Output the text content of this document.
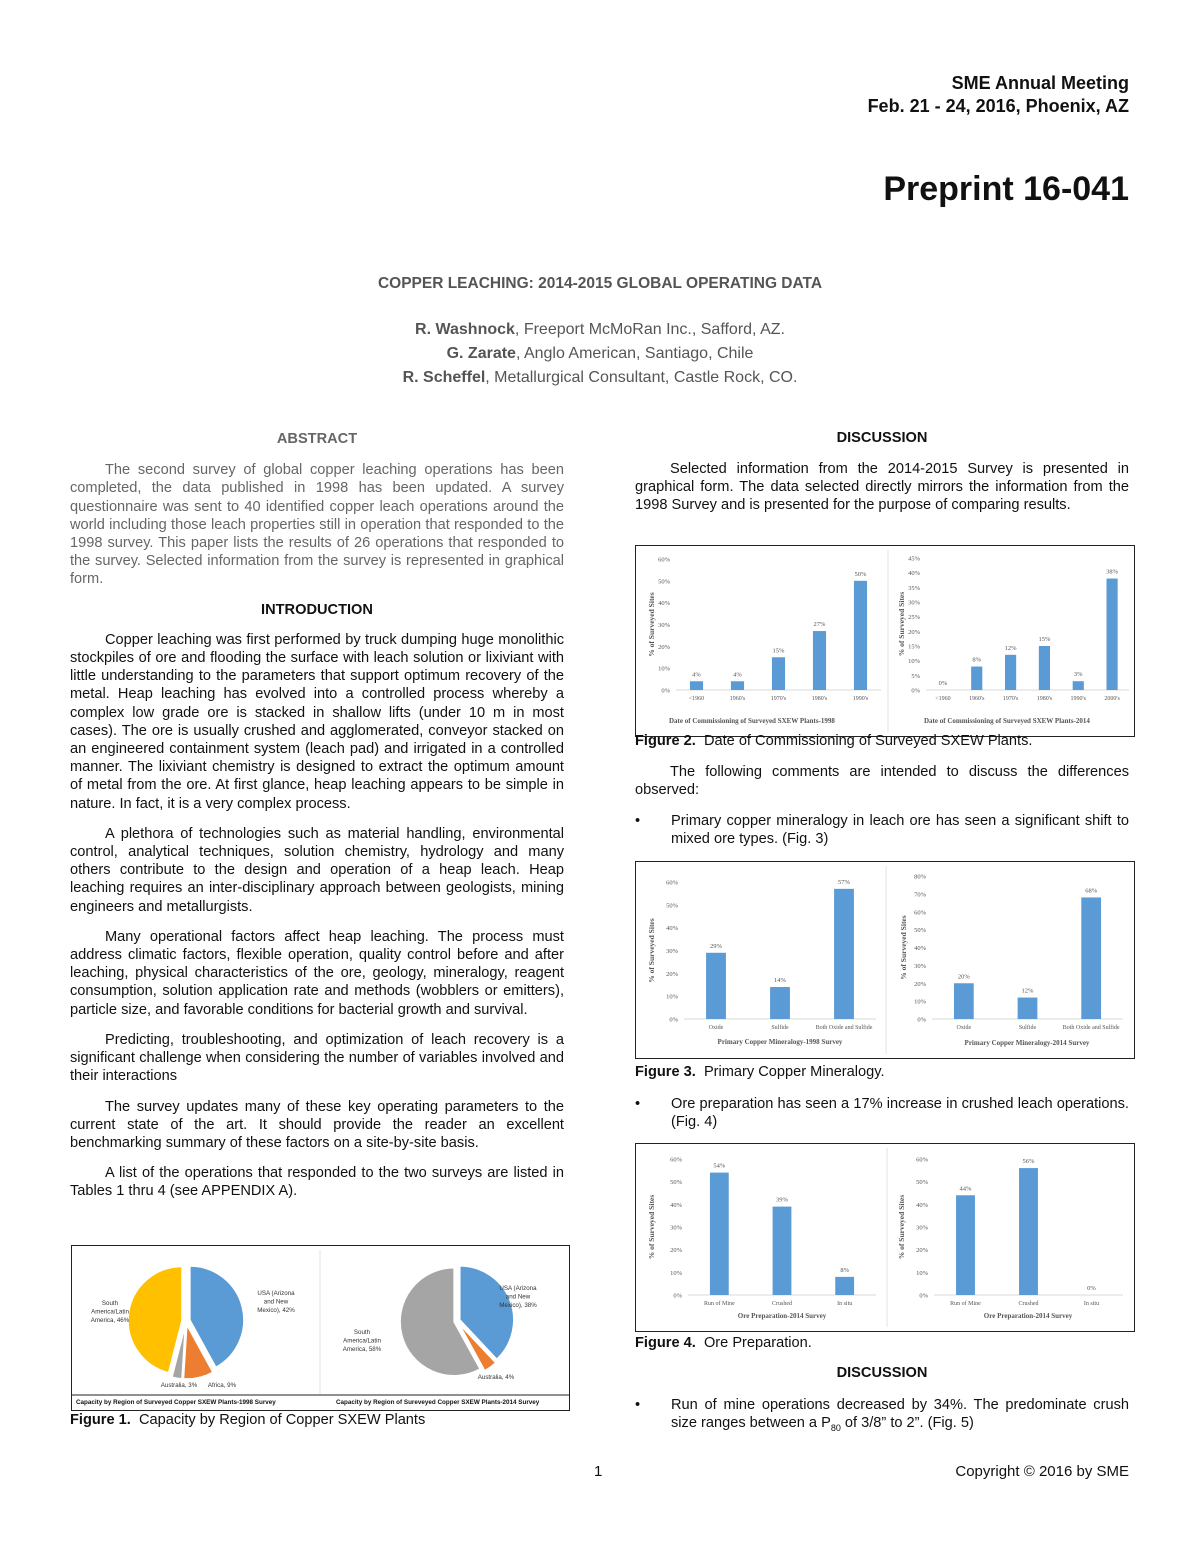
SME Annual Meeting
Feb. 21 - 24, 2016, Phoenix, AZ
Preprint 16-041
COPPER LEACHING: 2014-2015 GLOBAL OPERATING DATA
R. Washnock, Freeport McMoRan Inc., Safford, AZ.
G. Zarate, Anglo American, Santiago, Chile
R. Scheffel, Metallurgical Consultant, Castle Rock, CO.
ABSTRACT

The second survey of global copper leaching operations has been completed, the data published in 1998 has been updated. A survey questionnaire was sent to 40 identified copper leach operations around the world including those leach properties still in operation that responded to the 1998 survey. This paper lists the results of 26 operations that responded to the survey. Selected information from the survey is represented in graphical form.

INTRODUCTION

Copper leaching was first performed by truck dumping huge monolithic stockpiles of ore and flooding the surface with leach solution or lixiviant with little understanding to the parameters that support optimum recovery of the metal. Heap leaching has evolved into a controlled process whereby a complex low grade ore is stacked in shallow lifts (under 10 m in most cases). The ore is usually crushed and agglomerated, conveyor stacked on an engineered containment system (leach pad) and irrigated in a controlled manner. The lixiviant chemistry is designed to extract the optimum amount of metal from the ore. At first glance, heap leaching appears to be simple in nature. In fact, it is a very complex process.

A plethora of technologies such as material handling, environmental control, analytical techniques, solution chemistry, hydrology and many others contribute to the design and operation of a heap leach. Heap leaching requires an inter-disciplinary approach between geologists, mining engineers and metallurgists.

Many operational factors affect heap leaching. The process must address climatic factors, flexible operation, quality control before and after leaching, physical characteristics of the ore, geology, mineralogy, reagent consumption, solution application rate and methods (wobblers or emitters), particle size, and favorable conditions for bacterial growth and survival.

Predicting, troubleshooting, and optimization of leach recovery is a significant challenge when considering the number of variables involved and their interactions

The survey updates many of these key operating parameters to the current state of the art. It should provide the reader an excellent benchmarking summary of these factors on a site-by-site basis.

A list of the operations that responded to the two surveys are listed in Tables 1 thru 4 (see APPENDIX A).

USA (Arizona
and New
Mexico), 42%
Africa, 9%
Australia, 3%
South
America/Latin
America, 46%
USA (Arizona
and New
Mexico), 38%
Australia, 4%
South
America/Latin
America, 58%
Capacity by Region of Surveyed Copper SXEW Plants-1998 Survey	Capacity by Region of Sureveyed Copper SXEW Plants-2014 Survey
Figure 1. Capacity by Region of Copper SXEW Plants
DISCUSSION

Selected information from the 2014-2015 Survey is presented in graphical form. The data selected directly mirrors the information from the 1998 Survey and is presented for the purpose of comparing results.

0%
10%
20%
30%
40%
50%
60%
4%
<1960
4%
1960's
15%
1970's
27%
1980's
50%
1990's
% of Surveyed Sites
Date of Commissioning of Surveyed SXEW Plants-1998
0%
5%
10%
15%
20%
25%
30%
35%
40%
45%
0%
<1960
8%
1960's
12%
1970's
15%
1980's
3%
1990's
38%
2000's
% of Surveyed Sites
Date of Commissioning of Surveyed SXEW Plants-2014
Figure 2. Date of Commissioning of Surveyed SXEW Plants.

The following comments are intended to discuss the differences observed:

• Primary copper mineralogy in leach ore has seen a significant shift to mixed ore types. (Fig. 3)
0%
10%
20%
30%
40%
50%
60%
29%
Oxide
14%
Sulfide
57%
Both Oxide and Sulfide
% of Surveyed Sites
Primary Copper Mineralogy-1998 Survey
0%
10%
20%
30%
40%
50%
60%
70%
80%
20%
Oxide
12%
Sulfide
68%
Both Oxide and Sulfide
% of Surveyed Sites
Primary Copper Mineralogy-2014 Survey
Figure 3. Primary Copper Mineralogy.
• Ore preparation has seen a 17% increase in crushed leach operations. (Fig. 4)
0%
10%
20%
30%
40%
50%
60%
54%
Run of Mine
39%
Crushed
8%
In situ
% of Surveyed Sites
Ore Preparation-2014 Survey
0%
10%
20%
30%
40%
50%
60%
44%
Run of Mine
56%
Crushed
0%
In situ
% of Surveyed Sites
Ore Preparation-2014 Survey
Figure 4. Ore Preparation.
DISCUSSION
• Run of mine operations decreased by 34%. The predominate crush size ranges between a $P_{80}$ of 3/8” to 2”. (Fig. 5)
1	Copyright © 2016 by SME
